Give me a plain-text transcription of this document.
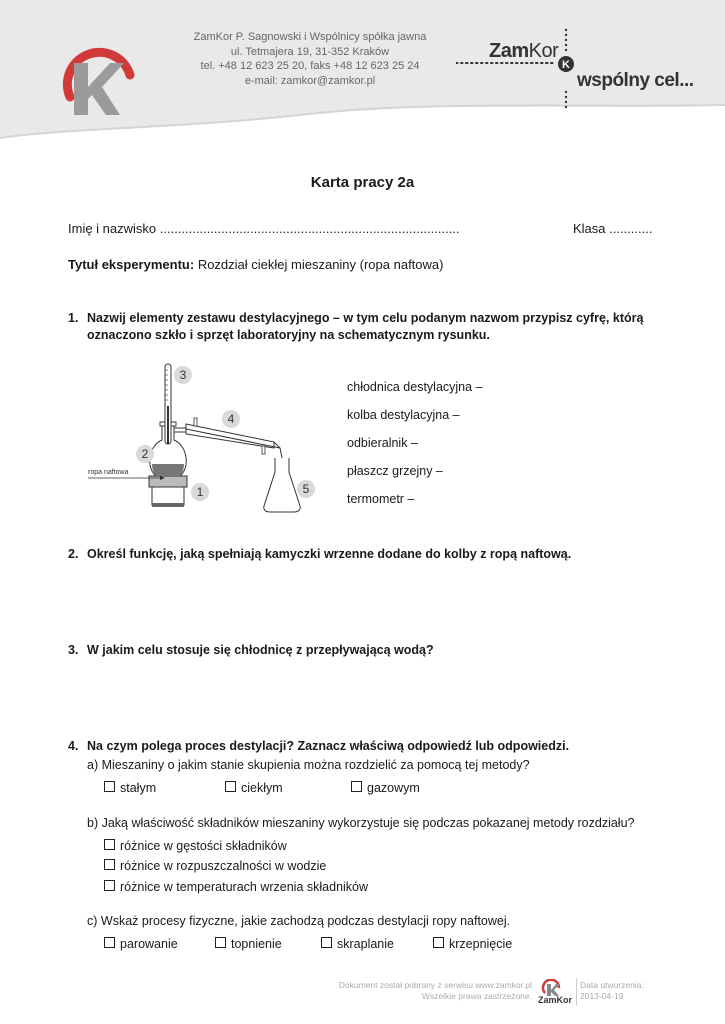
ZamKor P. Sagnowski i Wspólnicy spółka jawna
ul. Tetmajera 19, 31-352 Kraków
tel. +48 12 623 25 20, faks +48 12 623 25 24
e-mail: zamkor@zamkor.pl
ZamKor
K
wspólny cel...
Karta pracy 2a
Imię i nazwisko ...................................................................................	Klasa ............
Tytuł eksperymentu: Rozdział ciekłej mieszaniny (ropa naftowa)
1. Nazwij elementy zestawu destylacyjnego – w tym celu podanym nazwom przypisz cyfrę, którą
oznaczono szkło i sprzęt laboratoryjny na schematycznym rysunku.
ropa naftowa
3
4
2
1	5
chłodnica destylacyjna –
kolba destylacyjna –
odbieralnik –
płaszcz grzejny –
termometr –
2. Określ funkcję, jaką spełniają kamyczki wrzenne dodane do kolby z ropą naftową.
3. W jakim celu stosuje się chłodnicę z przepływającą wodą?
4. Na czym polega proces destylacji? Zaznacz właściwą odpowiedź lub odpowiedzi.
a) Mieszaniny o jakim stanie skupienia można rozdzielić za pomocą tej metody?
stałym	ciekłym	gazowym
b) Jaką właściwość składników mieszaniny wykorzystuje się podczas pokazanej metody rozdziału?
różnice w gęstości składników
różnice w rozpuszczalności w wodzie
różnice w temperaturach wrzenia składników
c) Wskaż procesy fizyczne, jakie zachodzą podczas destylacji ropy naftowej.
parowanie	topnienie	skraplanie	krzepnięcie
Dokument został pobrany z serwisu www.zamkor.pl
Wszelkie prawa zastrzeżone. ZamKor
Data utworzenia:
2013-04-19
